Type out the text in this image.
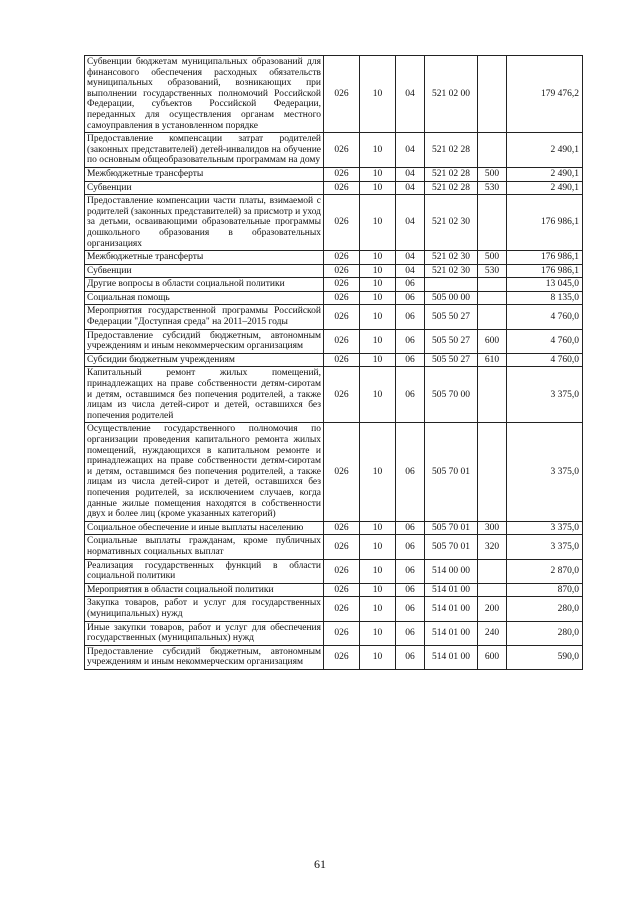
Субвенции бюджетам муниципальных образований для финансового обеспечения расходных обязательств муниципальных образований, возникающих при выполнении государственных полномочий Российской Федерации, субъектов Российской Федерации, переданных для осуществления органам местного самоуправления в установленном порядке	026	10	04	521 02 00		179 476,2
Предоставление компенсации затрат родителей (законных представителей) детей-инвалидов на обучение по основным общеобразовательным программам на дому	026	10	04	521 02 28		2 490,1
Межбюджетные трансферты	026	10	04	521 02 28	500	2 490,1
Субвенции	026	10	04	521 02 28	530	2 490,1
Предоставление компенсации части платы, взимаемой с родителей (законных представителей) за присмотр и уход за детьми, осваивающими образовательные программы дошкольного образования в образовательных организациях	026	10	04	521 02 30		176 986,1
Межбюджетные трансферты	026	10	04	521 02 30	500	176 986,1
Субвенции	026	10	04	521 02 30	530	176 986,1
Другие вопросы в области социальной политики	026	10	06			13 045,0
Социальная помощь	026	10	06	505 00 00		8 135,0
Мероприятия государственной программы Российской Федерации "Доступная среда" на 2011–2015 годы	026	10	06	505 50 27		4 760,0
Предоставление субсидий бюджетным, автономным учреждениям и иным некоммерческим организациям	026	10	06	505 50 27	600	4 760,0
Субсидии бюджетным учреждениям	026	10	06	505 50 27	610	4 760,0
Капитальный ремонт жилых помещений, принадлежащих на праве собственности детям-сиротам и детям, оставшимся без попечения родителей, а также лицам из числа детей-сирот и детей, оставшихся без попечения родителей	026	10	06	505 70 00		3 375,0
Осуществление государственного полномочия по организации проведения капитального ремонта жилых помещений, нуждающихся в капитальном ремонте и принадлежащих на праве собственности детям-сиротам и детям, оставшимся без попечения родителей, а также лицам из числа детей-сирот и детей, оставшихся без попечения родителей, за исключением случаев, когда данные жилые помещения находятся в собственности двух и более лиц (кроме указанных категорий)	026	10	06	505 70 01		3 375,0
Социальное обеспечение и иные выплаты населению	026	10	06	505 70 01	300	3 375,0
Социальные выплаты гражданам, кроме публичных нормативных социальных выплат	026	10	06	505 70 01	320	3 375,0
Реализация государственных функций в области социальной политики	026	10	06	514 00 00		2 870,0
Мероприятия в области социальной политики	026	10	06	514 01 00		870,0
Закупка товаров, работ и услуг для государственных (муниципальных) нужд	026	10	06	514 01 00	200	280,0
Иные закупки товаров, работ и услуг для обеспечения государственных (муниципальных) нужд	026	10	06	514 01 00	240	280,0
Предоставление субсидий бюджетным, автономным учреждениям и иным некоммерческим организациям	026	10	06	514 01 00	600	590,0
61
